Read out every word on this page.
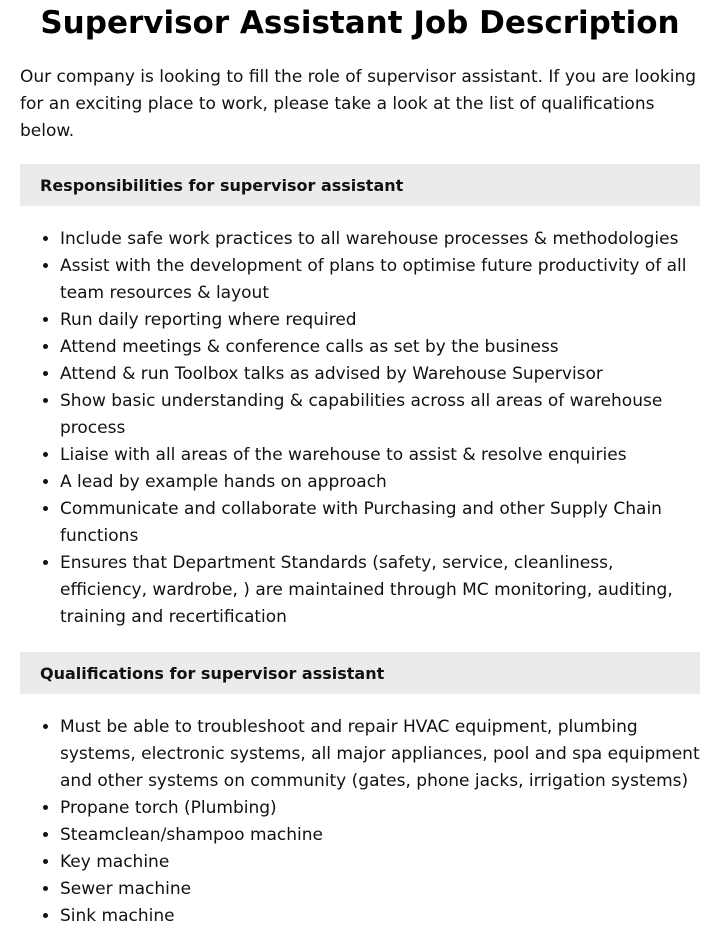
Supervisor Assistant Job Description

Our company is looking to fill the role of supervisor assistant. If you are looking for an exciting place to work, please take a look at the list of qualifications below.

Responsibilities for supervisor assistant
• Include safe work practices to all warehouse processes & methodologies
• Assist with the development of plans to optimise future productivity of all team resources & layout
• Run daily reporting where required
• Attend meetings & conference calls as set by the business
• Attend & run Toolbox talks as advised by Warehouse Supervisor
• Show basic understanding & capabilities across all areas of warehouse process
• Liaise with all areas of the warehouse to assist & resolve enquiries
• A lead by example hands on approach
• Communicate and collaborate with Purchasing and other Supply Chain functions
• Ensures that Department Standards (safety, service, cleanliness, efficiency, wardrobe, ) are maintained through MC monitoring, auditing, training and recertification
Qualifications for supervisor assistant
• Must be able to troubleshoot and repair HVAC equipment, plumbing systems, electronic systems, all major appliances, pool and spa equipment and other systems on community (gates, phone jacks, irrigation systems)
• Propane torch (Plumbing)
• Steamclean/shampoo machine
• Key machine
• Sewer machine
• Sink machine
